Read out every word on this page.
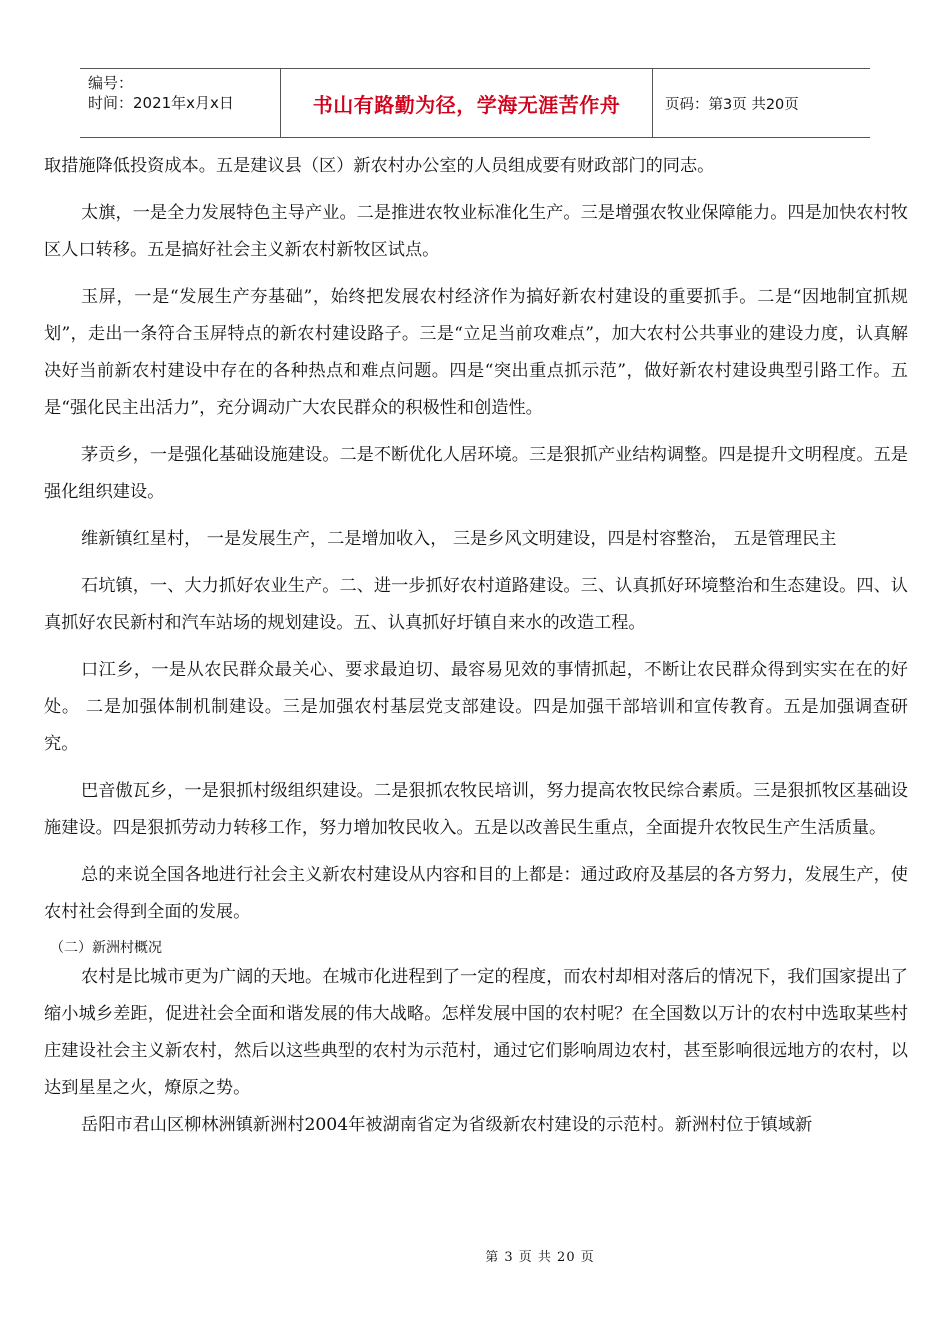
编号：
时间：2021年x月x日	书山有路勤为径，学海无涯苦作舟	页码：第3页 共20页

取措施降低投资成本。五是建议县（区）新农村办公室的人员组成要有财政部门的同志。

太旗，一是全力发展特色主导产业。二是推进农牧业标准化生产。三是增强农牧业保障能力。四是加快农村牧区人口转移。五是搞好社会主义新农村新牧区试点。

玉屏，一是“发展生产夯基础”，始终把发展农村经济作为搞好新农村建设的重要抓手。二是“因地制宜抓规划”，走出一条符合玉屏特点的新农村建设路子。三是“立足当前攻难点”，加大农村公共事业的建设力度，认真解决好当前新农村建设中存在的各种热点和难点问题。四是“突出重点抓示范”，做好新农村建设典型引路工作。五是“强化民主出活力”，充分调动广大农民群众的积极性和创造性。

茅贡乡，一是强化基础设施建设。二是不断优化人居环境。三是狠抓产业结构调整。四是提升文明程度。五是强化组织建设。

维新镇红星村， 一是发展生产，二是增加收入， 三是乡风文明建设，四是村容整治， 五是管理民主

石坑镇，一、大力抓好农业生产。二、进一步抓好农村道路建设。三、认真抓好环境整治和生态建设。四、认真抓好农民新村和汽车站场的规划建设。五、认真抓好圩镇自来水的改造工程。

口江乡，一是从农民群众最关心、要求最迫切、最容易见效的事情抓起，不断让农民群众得到实实在在的好处。 二是加强体制机制建设。三是加强农村基层党支部建设。四是加强干部培训和宣传教育。五是加强调查研究。

巴音傲瓦乡，一是狠抓村级组织建设。二是狠抓农牧民培训，努力提高农牧民综合素质。三是狠抓牧区基础设施建设。四是狠抓劳动力转移工作，努力增加牧民收入。五是以改善民生重点，全面提升农牧民生产生活质量。

总的来说全国各地进行社会主义新农村建设从内容和目的上都是：通过政府及基层的各方努力，发展生产，使农村社会得到全面的发展。

（二）新洲村概况

农村是比城市更为广阔的天地。在城市化进程到了一定的程度，而农村却相对落后的情况下，我们国家提出了缩小城乡差距，促进社会全面和谐发展的伟大战略。怎样发展中国的农村呢？在全国数以万计的农村中选取某些村庄建设社会主义新农村，然后以这些典型的农村为示范村，通过它们影响周边农村，甚至影响很远地方的农村，以达到星星之火，燎原之势。

岳阳市君山区柳林洲镇新洲村2004年被湖南省定为省级新农村建设的示范村。新洲村位于镇域新

第 3 页 共 20 页
